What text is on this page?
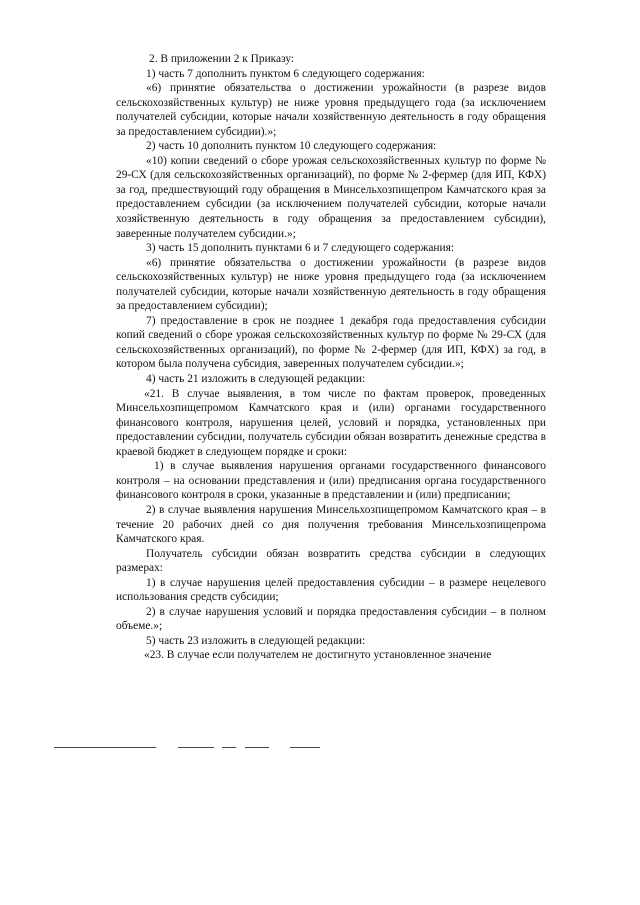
2. В приложении 2 к Приказу:

1) часть 7 дополнить пунктом 6 следующего содержания:

«6) принятие обязательства о достижении урожайности (в разрезе видов сельскохозяйственных культур) не ниже уровня предыдущего года (за исключением получателей субсидии, которые начали хозяйственную деятельность в году обращения за предоставлением субсидии).»;

2) часть 10 дополнить пунктом 10 следующего содержания:

«10) копии сведений о сборе урожая сельскохозяйственных культур по форме № 29-СХ (для сельскохозяйственных организаций), по форме № 2-фермер (для ИП, КФХ) за год, предшествующий году обращения в Минсельхозпищепром Камчатского края за предоставлением субсидии (за исключением получателей субсидии, которые начали хозяйственную деятельность в году обращения за предоставлением субсидии), заверенные получателем субсидии.»;

3) часть 15 дополнить пунктами 6 и 7 следующего содержания:

«6) принятие обязательства о достижении урожайности (в разрезе видов сельскохозяйственных культур) не ниже уровня предыдущего года (за исключением получателей субсидии, которые начали хозяйственную деятельность в году обращения за предоставлением субсидии);

7) предоставление в срок не позднее 1 декабря года предоставления субсидии копий сведений о сборе урожая сельскохозяйственных культур по форме № 29-СХ (для сельскохозяйственных организаций), по форме № 2-фермер (для ИП, КФХ) за год, в котором была получена субсидия, заверенных получателем субсидии.»;

4) часть 21 изложить в следующей редакции:

«21. В случае выявления, в том числе по фактам проверок, проведенных Минсельхозпищепромом Камчатского края и (или) органами государственного финансового контроля, нарушения целей, условий и порядка, установленных при предоставлении субсидии, получатель субсидии обязан возвратить денежные средства в краевой бюджет в следующем порядке и сроки:

1) в случае выявления нарушения органами государственного финансового контроля – на основании представления и (или) предписания органа государственного финансового контроля в сроки, указанные в представлении и (или) предписании;

2) в случае выявления нарушения Минсельхозпищепромом Камчатского края – в течение 20 рабочих дней со дня получения требования Минсельхозпищепрома Камчатского края.

Получатель субсидии обязан возвратить средства субсидии в следующих размерах:

1) в случае нарушения целей предоставления субсидии – в размере нецелевого использования средств субсидии;

2) в случае нарушения условий и порядка предоставления субсидии – в полном объеме.»;

5) часть 23 изложить в следующей редакции:

«23. В случае если получателем не достигнуто установленное значение
